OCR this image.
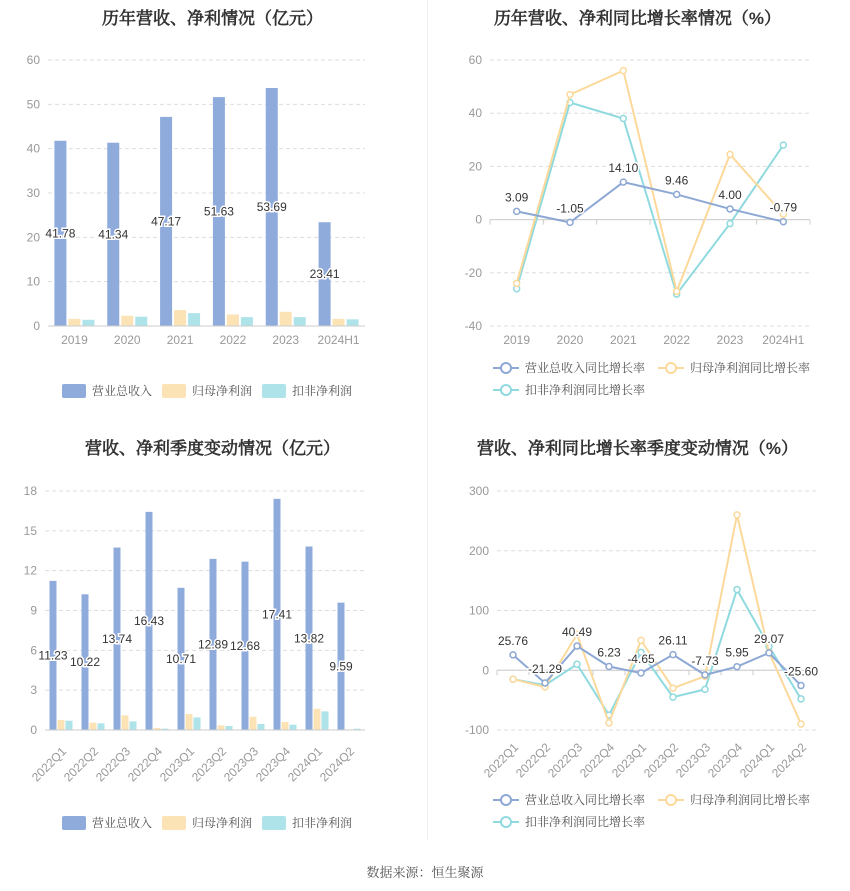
历年营收、净利情况（亿元）
0
10
20
30
40
50
60
41.78 41.34
47.17
51.63 53.69
23.41
2019 2020 2021 2022 2023 2024H1
营业总收入	归母净利润	扣非净利润
历年营收、净利同比增长率情况（%）
-40
-20
0
20
40
60
3.09
-1.05
14.10
9.46
4.00
-0.79
2019 2020 2021 2022 2023 2024H1
营业总收入同比增长率	归母净利润同比增长率
扣非净利润同比增长率
营收、净利季度变动情况（亿元）
0
3
6
9
12
15
18
11.23 10.22
13.74
16.43
10.71
12.89 12.68
17.41
13.82
9.59
2022Q1
2022Q2
2022Q3
2022Q4
2023Q1
2023Q2
2023Q3
2023Q4
2024Q1
2024Q2
营业总收入	归母净利润	扣非净利润
营收、净利同比增长率季度变动情况（%）
-100
0
100
200
300
25.76
-21.29
40.49
6.23 -4.65
26.11
-7.73
5.95
29.07
-25.60
2022Q1
2022Q2
2022Q3
2022Q4
2023Q1
2023Q2
2023Q3
2023Q4
2024Q1
2024Q2
营业总收入同比增长率	归母净利润同比增长率
扣非净利润同比增长率
数据来源：恒生聚源
